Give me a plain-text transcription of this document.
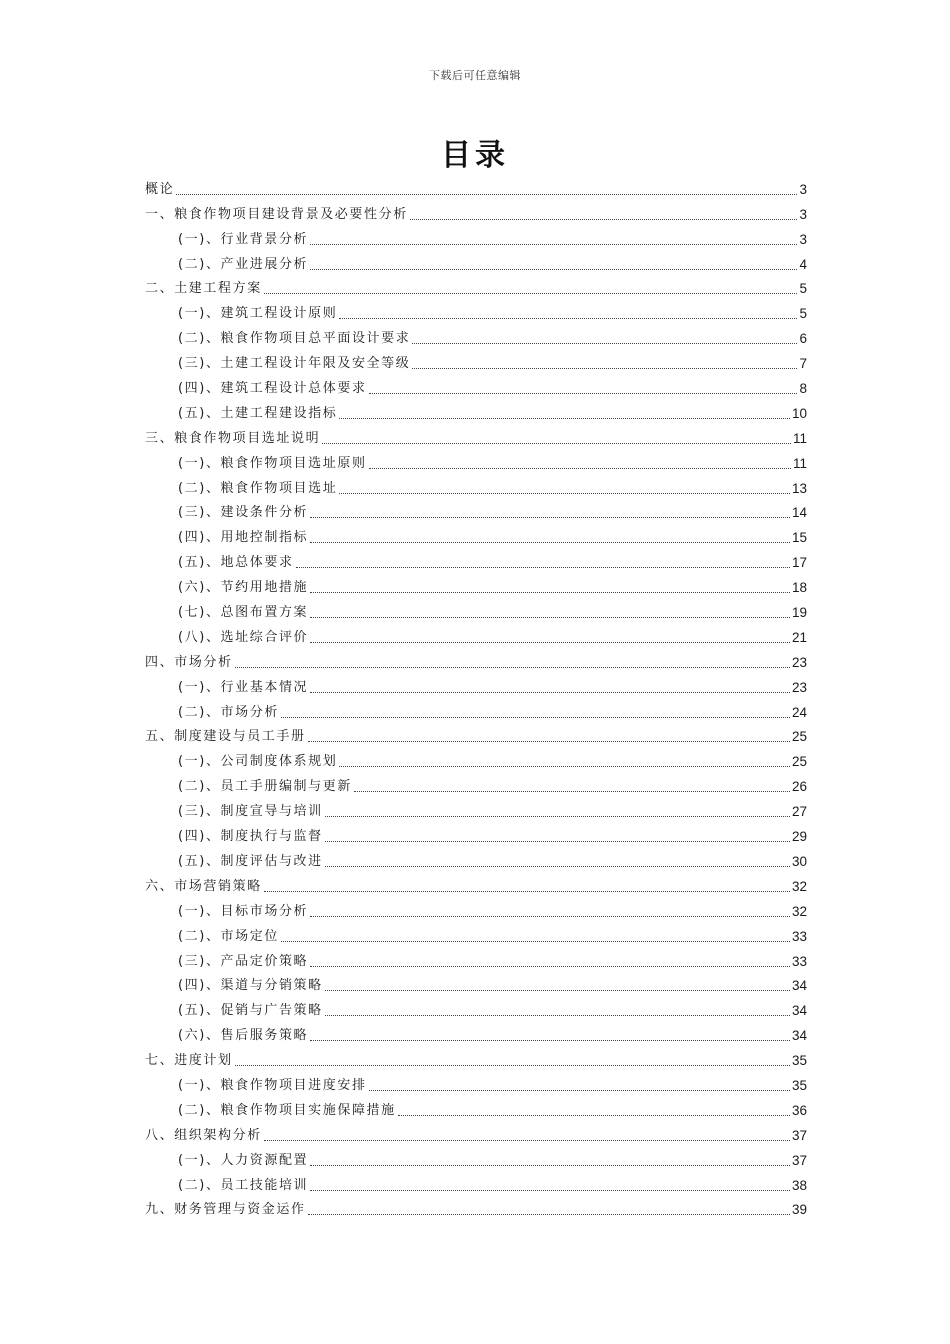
下载后可任意编辑
目录
概论	3
一、粮食作物项目建设背景及必要性分析	3
(一)、行业背景分析	3
(二)、产业进展分析	4
二、土建工程方案	5
(一)、建筑工程设计原则	5
(二)、粮食作物项目总平面设计要求	6
(三)、土建工程设计年限及安全等级	7
(四)、建筑工程设计总体要求	8
(五)、土建工程建设指标	10
三、粮食作物项目选址说明	11
(一)、粮食作物项目选址原则	11
(二)、粮食作物项目选址	13
(三)、建设条件分析	14
(四)、用地控制指标	15
(五)、地总体要求	17
(六)、节约用地措施	18
(七)、总图布置方案	19
(八)、选址综合评价	21
四、市场分析	23
(一)、行业基本情况	23
(二)、市场分析	24
五、制度建设与员工手册	25
(一)、公司制度体系规划	25
(二)、员工手册编制与更新	26
(三)、制度宣导与培训	27
(四)、制度执行与监督	29
(五)、制度评估与改进	30
六、市场营销策略	32
(一)、目标市场分析	32
(二)、市场定位	33
(三)、产品定价策略	33
(四)、渠道与分销策略	34
(五)、促销与广告策略	34
(六)、售后服务策略	34
七、进度计划	35
(一)、粮食作物项目进度安排	35
(二)、粮食作物项目实施保障措施	36
八、组织架构分析	37
(一)、人力资源配置	37
(二)、员工技能培训	38
九、财务管理与资金运作	39
